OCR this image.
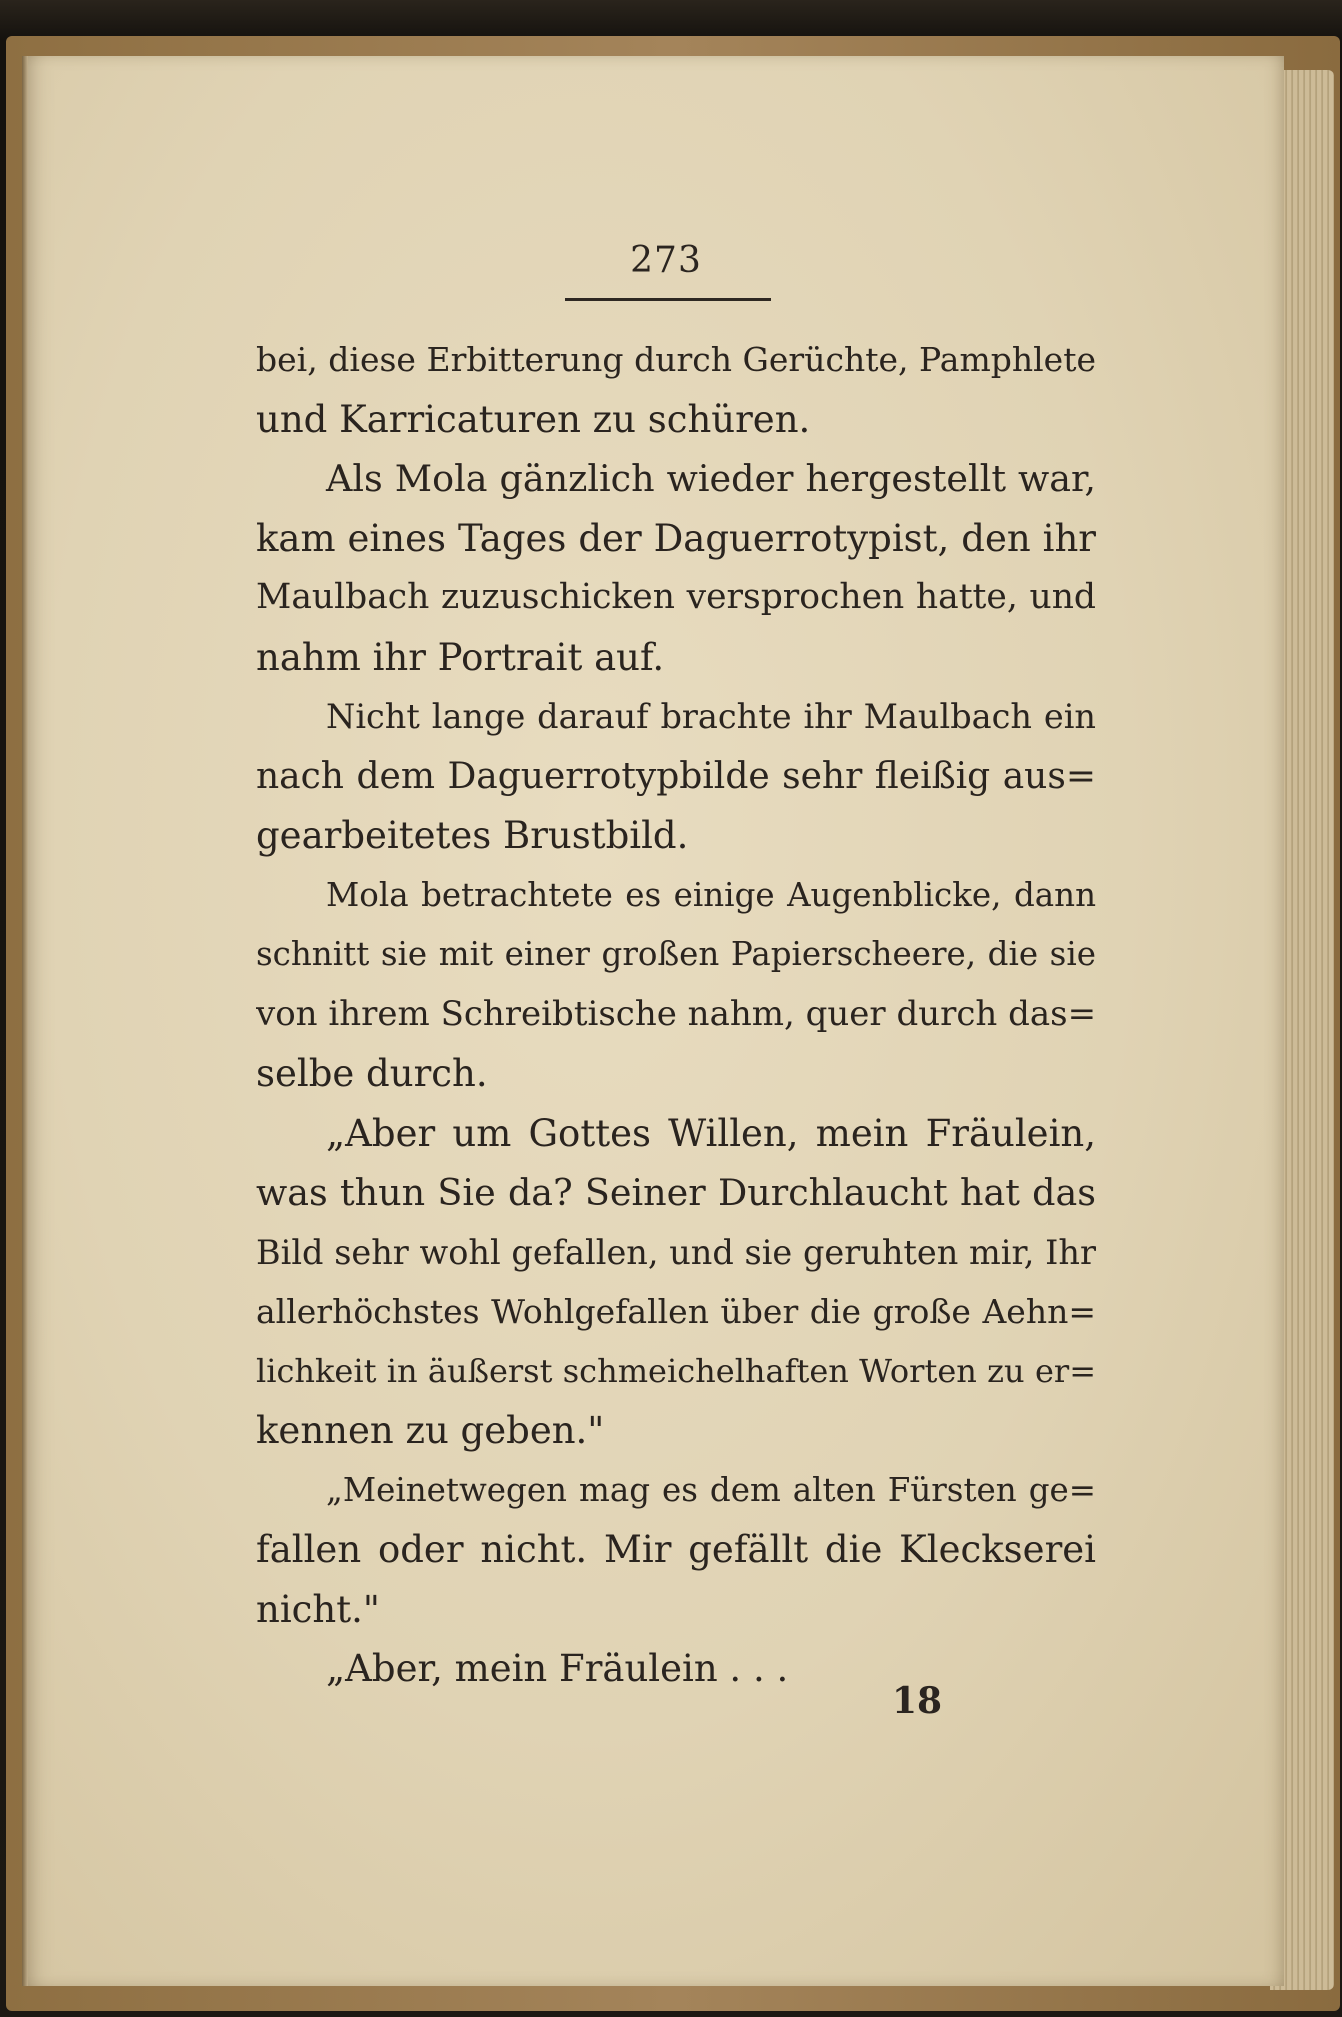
273
bei, diese Erbitterung durch Gerüchte, Pamphlete
und Karricaturen zu schüren.
Als Mola gänzlich wieder hergestellt war,
kam eines Tages der Daguerrotypist, den ihr
Maulbach zuzuschicken versprochen hatte, und
nahm ihr Portrait auf.
Nicht lange darauf brachte ihr Maulbach ein
nach dem Daguerrotypbilde sehr fleißig aus=
gearbeitetes Brustbild.
Mola betrachtete es einige Augenblicke, dann
schnitt sie mit einer großen Papierscheere, die sie
von ihrem Schreibtische nahm, quer durch das=
selbe durch.
„Aber um Gottes Willen, mein Fräulein,
was thun Sie da? Seiner Durchlaucht hat das
Bild sehr wohl gefallen, und sie geruhten mir, Ihr
allerhöchstes Wohlgefallen über die große Aehn=
lichkeit in äußerst schmeichelhaften Worten zu er=
kennen zu geben."
„Meinetwegen mag es dem alten Fürsten ge=
fallen oder nicht. Mir gefällt die Kleckserei
nicht."
„Aber, mein Fräulein . . .
18
